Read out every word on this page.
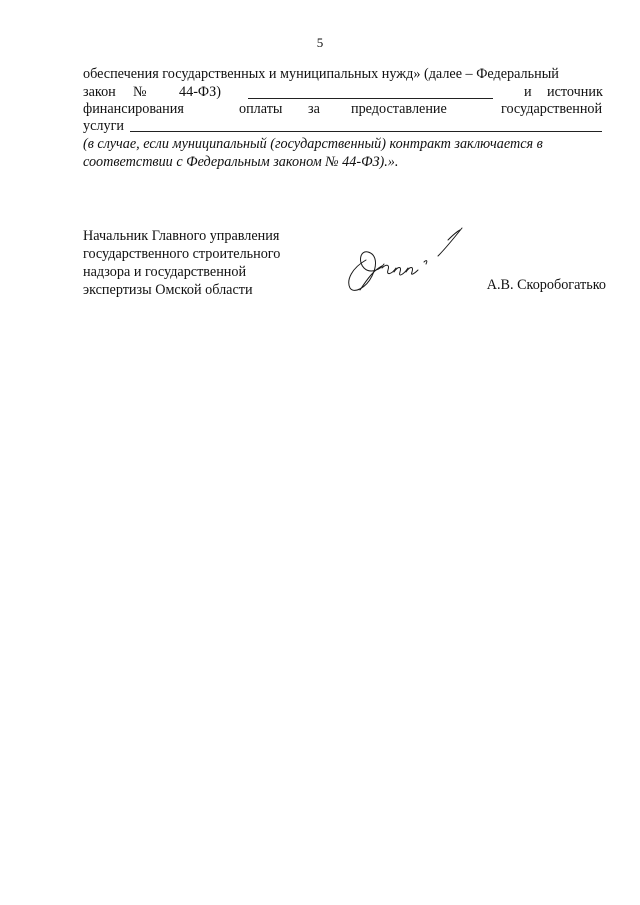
5
обеспечения государственных и муниципальных нужд» (далее – Федеральный
закон № 44-ФЗ)	и источник
финансирования	оплаты за предоставление	государственной
услуги
(в случае, если муниципальный (государственный) контракт заключается в
соответствии с Федеральным законом № 44-ФЗ).».
Начальник Главного управления
государственного строительного
надзора и государственной
экспертизы Омской области	А.В. Скоробогатько
